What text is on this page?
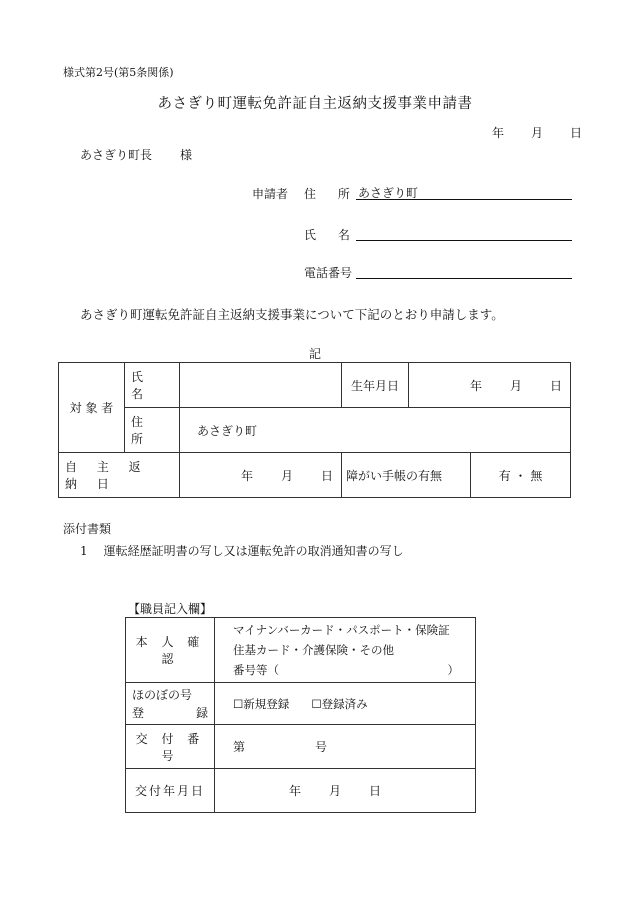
様式第2号(第5条関係)
あさぎり町運転免許証自主返納支援事業申請書
年 月 日
あさぎり町長 様
申請者 住 所 あさぎり町
氏 名
電話番号
あさぎり町運転免許証自主返納支援事業について下記のとおり申請します。
記
対 象 者	氏 名		生年月日	年 月 日	

	住 所	あさぎり町			
自 主 返 納 日		年 月 日	障がい手帳の有無		有 ・ 無
添付書類
1 運転経歴証明書の写し又は運転免許の取消通知書の写し
【職員記入欄】
本 人 確 認	マイナンバーカード・パスポート・保険証
住基カード・介護保険・その他
番号等（ ）

ほのぼの号
登 録	☐新規登録 ☐登録済み
交 付 番 号	第 号
交付年月日	年 月 日
